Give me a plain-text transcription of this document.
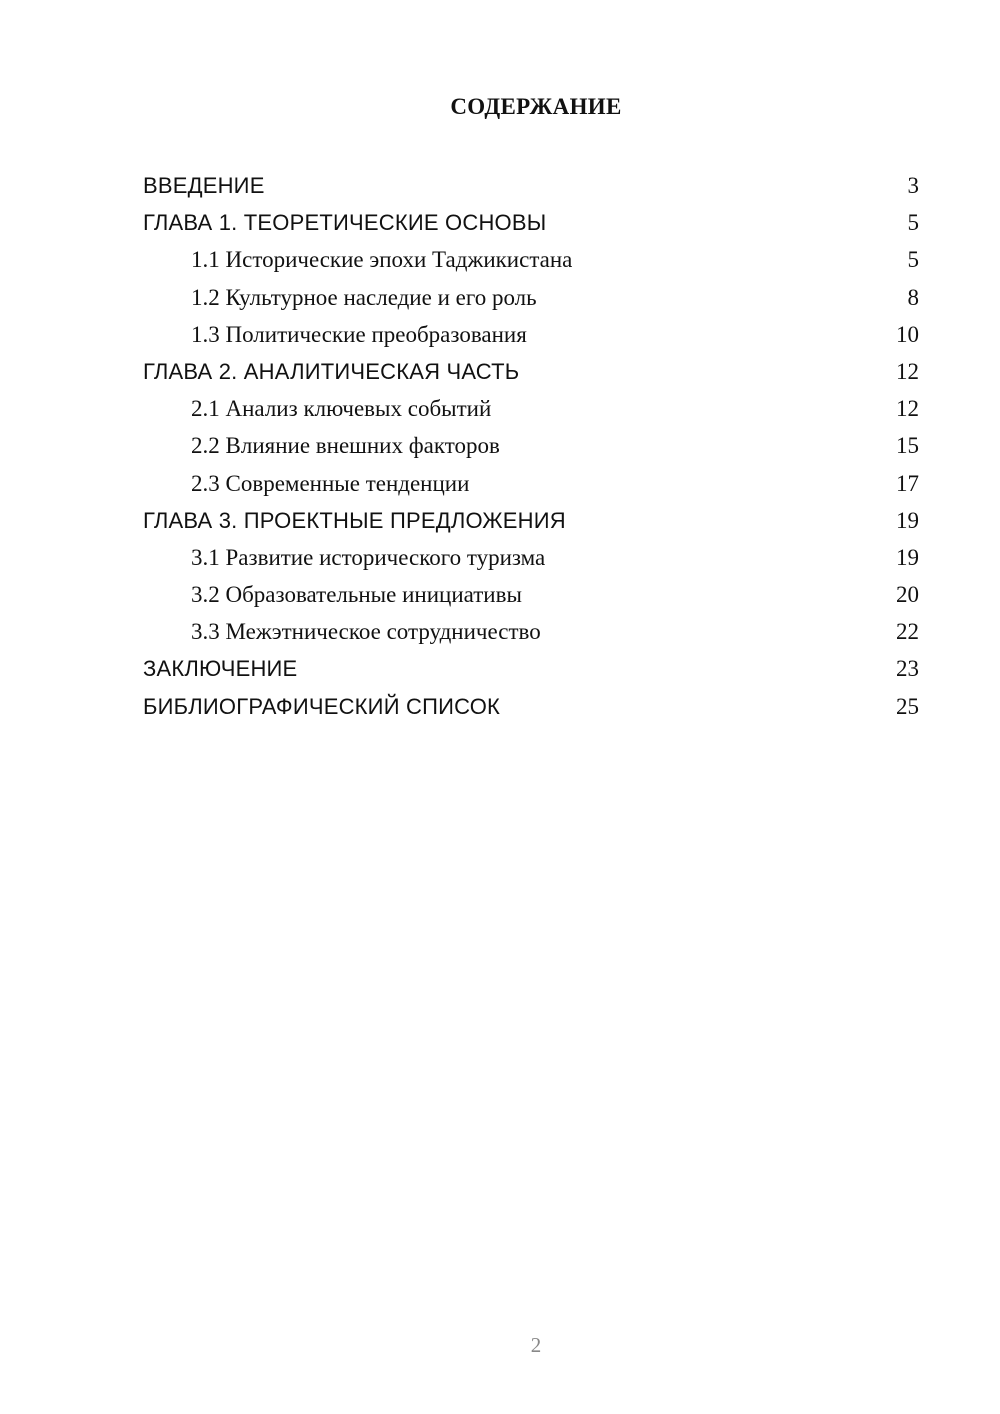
СОДЕРЖАНИЕ
ВВЕДЕНИЕ	3
ГЛАВА 1. ТЕОРЕТИЧЕСКИЕ ОСНОВЫ	5
1.1 Исторические эпохи Таджикистана	5
1.2 Культурное наследие и его роль	8
1.3 Политические преобразования	10
ГЛАВА 2. АНАЛИТИЧЕСКАЯ ЧАСТЬ	12
2.1 Анализ ключевых событий	12
2.2 Влияние внешних факторов	15
2.3 Современные тенденции	17
ГЛАВА 3. ПРОЕКТНЫЕ ПРЕДЛОЖЕНИЯ	19
3.1 Развитие исторического туризма	19
3.2 Образовательные инициативы	20
3.3 Межэтническое сотрудничество	22
ЗАКЛЮЧЕНИЕ	23
БИБЛИОГРАФИЧЕСКИЙ СПИСОК	25
2
